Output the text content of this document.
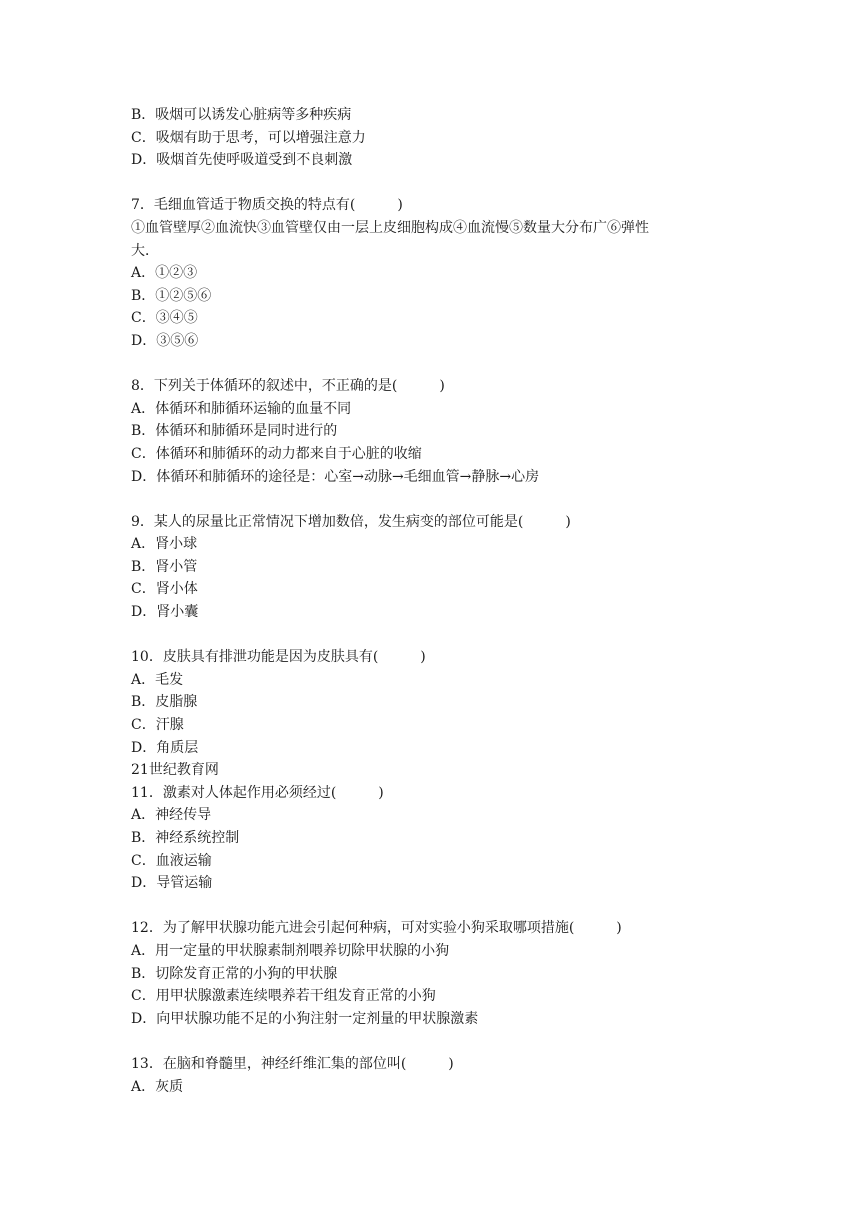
B．吸烟可以诱发心脏病等多种疾病
C．吸烟有助于思考，可以增强注意力
D．吸烟首先使呼吸道受到不良刺激
7．毛细血管适于物质交换的特点有(　　　)
①血管壁厚②血流快③血管壁仅由一层上皮细胞构成④血流慢⑤数量大分布广⑥弹性
大．
A．①②③
B．①②⑤⑥
C．③④⑤
D．③⑤⑥
8．下列关于体循环的叙述中，不正确的是(　　　)
A．体循环和肺循环运输的血量不同
B．体循环和肺循环是同时进行的
C．体循环和肺循环的动力都来自于心脏的收缩
D．体循环和肺循环的途径是：心室→动脉→毛细血管→静脉→心房
9．某人的尿量比正常情况下增加数倍，发生病变的部位可能是(　　　)
A．肾小球
B．肾小管
C．肾小体
D．肾小囊
10．皮肤具有排泄功能是因为皮肤具有(　　　)
A．毛发
B．皮脂腺
C．汗腺
D．角质层
21世纪教育网
11．激素对人体起作用必须经过(　　　)
A．神经传导
B．神经系统控制
C．血液运输
D．导管运输
12．为了解甲状腺功能亢进会引起何种病，可对实验小狗采取哪项措施(　　　)
A．用一定量的甲状腺素制剂喂养切除甲状腺的小狗
B．切除发育正常的小狗的甲状腺
C．用甲状腺激素连续喂养若干组发育正常的小狗
D．向甲状腺功能不足的小狗注射一定剂量的甲状腺激素
13．在脑和脊髓里，神经纤维汇集的部位叫(　　　)
A．灰质
